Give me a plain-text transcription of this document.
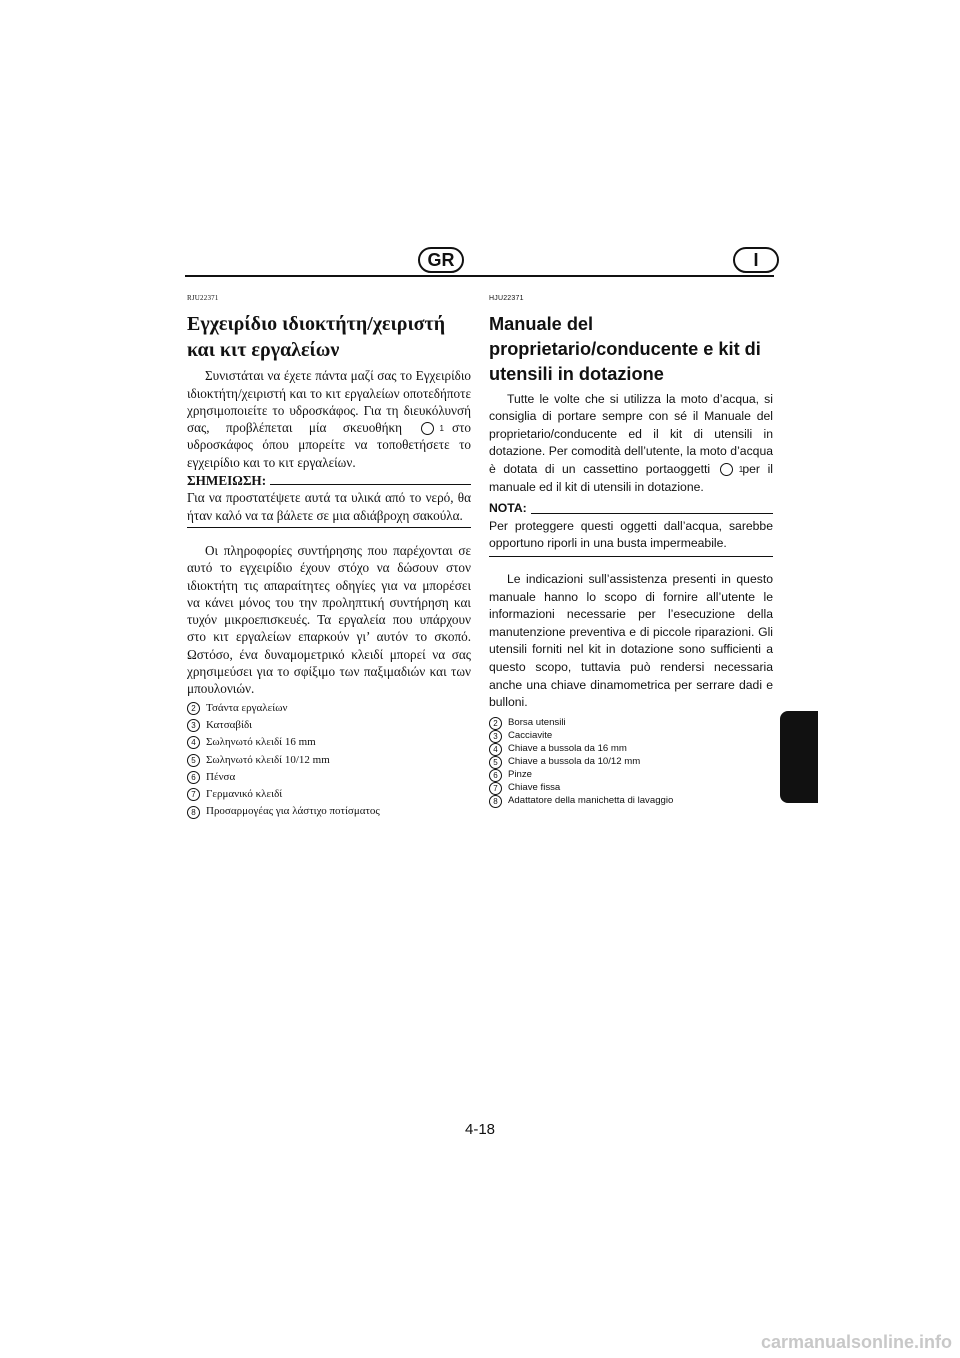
GR	I
RJU22371
Εγχειρίδιο ιδιοκτήτη/χειριστή και κιτ εργαλείων

Συνιστάται να έχετε πάντα μαζί σας το Εγχειρίδιο ιδιοκτήτη/χειριστή και το κιτ εργαλείων οποτεδήποτε χρησιμοποιείτε το υδροσκάφος. Για τη διευκόλυνσή σας, προβλέπεται μία σκευοθήκη	1 στο υδροσκάφος όπου μπορείτε να τοποθετήσετε το εγχειρίδιο και το κιτ εργαλείων.

ΣΗΜΕΙΩΣΗ:

Για να προστατέψετε αυτά τα υλικά από το νερό, θα ήταν καλό να τα βάλετε σε μια αδιάβροχη σακούλα.

Οι πληροφορίες συντήρησης που παρέχονται σε αυτό το εγχειρίδιο έχουν στόχο να δώσουν στον ιδιοκτήτη τις απαραίτητες οδηγίες για να μπορέσει να κάνει μόνος του την προληπτική συντήρηση και τυχόν μικροεπισκευές. Τα εργαλεία που υπάρχουν στο κιτ εργαλείων επαρκούν γι’ αυτόν το σκοπό. Ωστόσο, ένα δυναμομετρικό κλειδί μπορεί να σας χρησιμεύσει για το σφίξιμο των παξιμαδιών και των μπουλονιών.

2 Τσάντα εργαλείων
3 Κατσαβίδι
4 Σωληνωτό κλειδί 16 mm
5 Σωληνωτό κλειδί 10/12 mm
6 Πένσα
7 Γερμανικό κλειδί
8 Προσαρμογέας για λάστιχο ποτίσματος
HJU22371
Manuale del proprietario/conducente e kit di utensili in dotazione

Tutte le volte che si utilizza la moto d’acqua, si consiglia di portare sempre con sé il Manuale del proprietario/conducente ed il kit di utensili in dotazione. Per comodità dell’utente, la moto d’acqua è dotata di un cassettino portaoggetti	1 per il manuale ed il kit di utensili in dotazione.

NOTA:

Per proteggere questi oggetti dall’acqua, sarebbe opportuno riporli in una busta impermeabile.

Le indicazioni sull’assistenza presenti in questo manuale hanno lo scopo di fornire all’utente le informazioni necessarie per l’esecuzione della manutenzione preventiva e di piccole riparazioni. Gli utensili forniti nel kit in dotazione sono sufficienti a questo scopo, tuttavia può rendersi necessaria anche una chiave dinamometrica per serrare dadi e bulloni.

2	Borsa utensili
3	Cacciavite
4	Chiave a bussola da 16 mm
5	Chiave a bussola da 10/12 mm
6	Pinze
7	Chiave fissa
8	Adattatore della manichetta di lavaggio
4-18
carmanualsonline.info
